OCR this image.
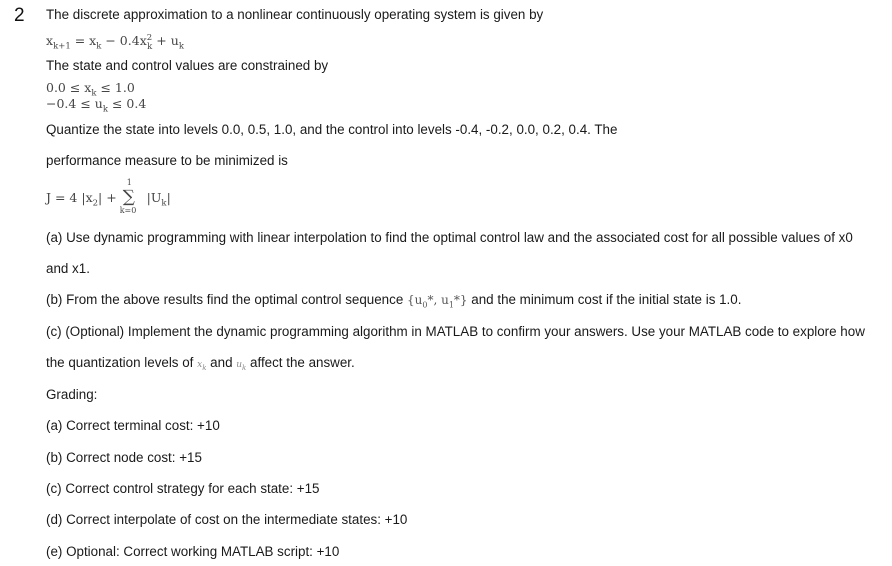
2 The discrete approximation to a nonlinear continuously operating system is given by
$x_{k+1} = x_k - 0.4x^2_k + u_k$
The state and control values are constrained by
$0.0 \le x_k \le 1.0$
$-0.4 \le u_k \le 0.4$
Quantize the state into levels 0.0, 0.5, 1.0, and the control into levels -0.4, -0.2, 0.0, 0.2, 0.4. The
performance measure to be minimized is
J = 4 $|x_2|$ +
1
∑
k=0
$|U_k|$
(a) Use dynamic programming with linear interpolation to find the optimal control law and the associated cost for all possible values of x0
and x1.
(b) From the above results find the optimal control sequence {$u_0*$, $u_1*$} and the minimum cost if the initial state is 1.0.
(c) (Optional) Implement the dynamic programming algorithm in MATLAB to confirm your answers. Use your MATLAB code to explore how
the quantization levels of $x_k$ and $u_k$ affect the answer.
Grading:
(a) Correct terminal cost: +10
(b) Correct node cost: +15
(c) Correct control strategy for each state: +15
(d) Correct interpolate of cost on the intermediate states: +10
(e) Optional: Correct working MATLAB script: +10
